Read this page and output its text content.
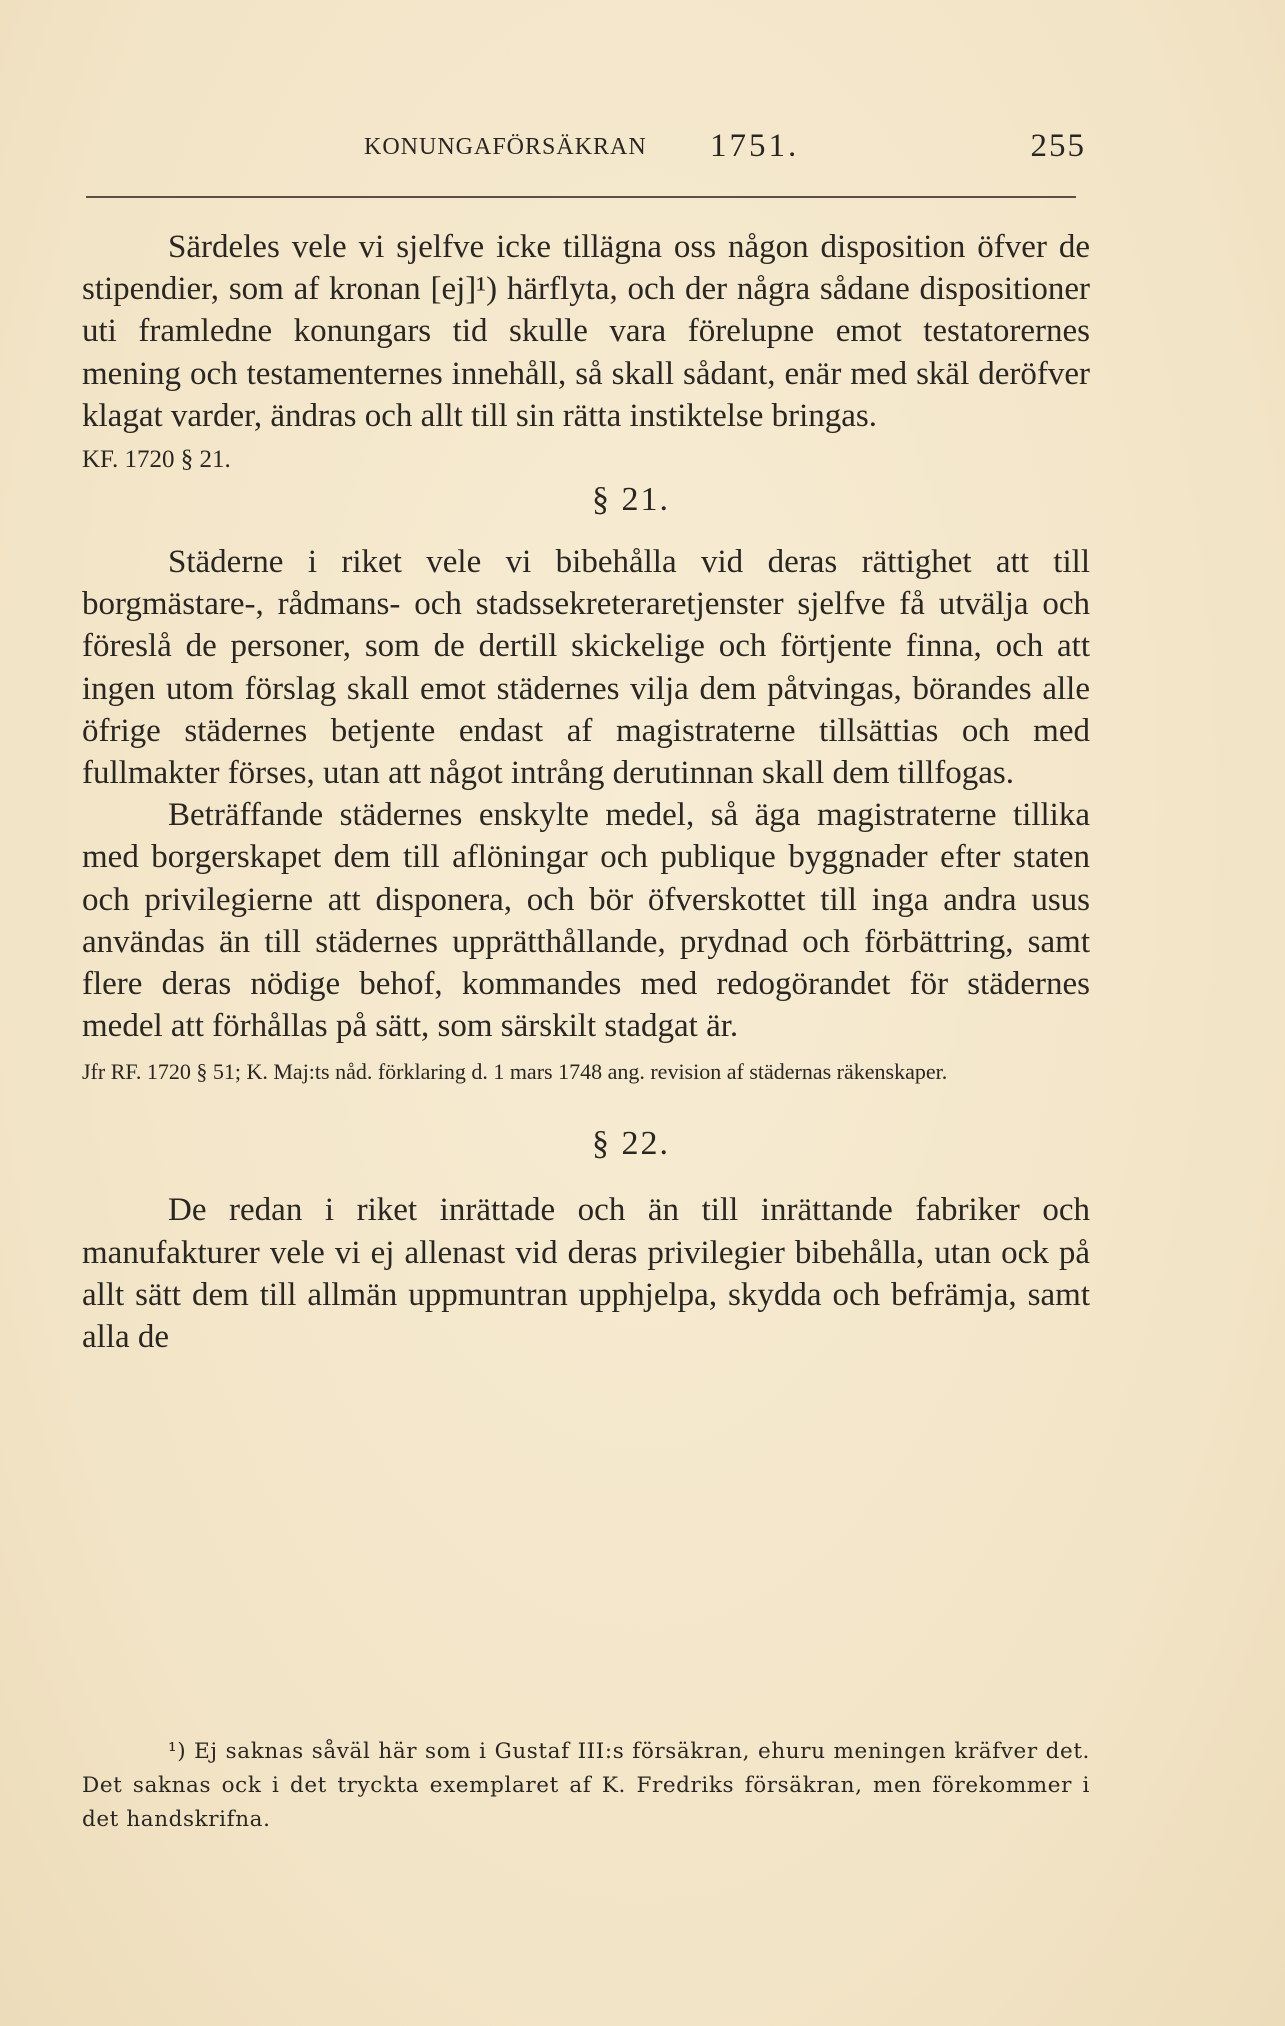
KONUNGAFÖRSÄKRAN 1751.	255

Särdeles vele vi sjelfve icke tillägna oss någon disposition öfver de stipendier, som af kronan [ej]¹) härflyta, och der några sådane dispositioner uti framledne konungars tid skulle vara förelupne emot testatorernes mening och testamenternes innehåll, så skall sådant, enär med skäl deröfver klagat varder, ändras och allt till sin rätta instiktelse bringas.

KF. 1720 § 21.

§ 21.

Städerne i riket vele vi bibehålla vid deras rättighet att till borgmästare-, rådmans- och stadssekreteraretjenster sjelfve få utvälja och föreslå de personer, som de dertill skickelige och förtjente finna, och att ingen utom förslag skall emot städernes vilja dem påtvingas, börandes alle öfrige städernes betjente endast af magistraterne tillsättias och med fullmakter förses, utan att något intrång derutinnan skall dem tillfogas.

Beträffande städernes enskylte medel, så äga magistraterne tillika med borgerskapet dem till aflöningar och publique byggnader efter staten och privilegierne att disponera, och bör öfverskottet till inga andra usus användas än till städernes upprätthållande, prydnad och förbättring, samt flere deras nödige behof, kommandes med redogörandet för städernes medel att förhållas på sätt, som särskilt stadgat är.

Jfr RF. 1720 § 51; K. Maj:ts nåd. förklaring d. 1 mars 1748 ang. revision af städernas räkenskaper.

§ 22.

De redan i riket inrättade och än till inrättande fabriker och manufakturer vele vi ej allenast vid deras privilegier bibehålla, utan ock på allt sätt dem till allmän uppmuntran upphjelpa, skydda och befrämja, samt alla de

¹) Ej saknas såväl här som i Gustaf III:s försäkran, ehuru meningen kräfver det. Det saknas ock i det tryckta exemplaret af K. Fredriks försäkran, men förekommer i det handskrifna.
